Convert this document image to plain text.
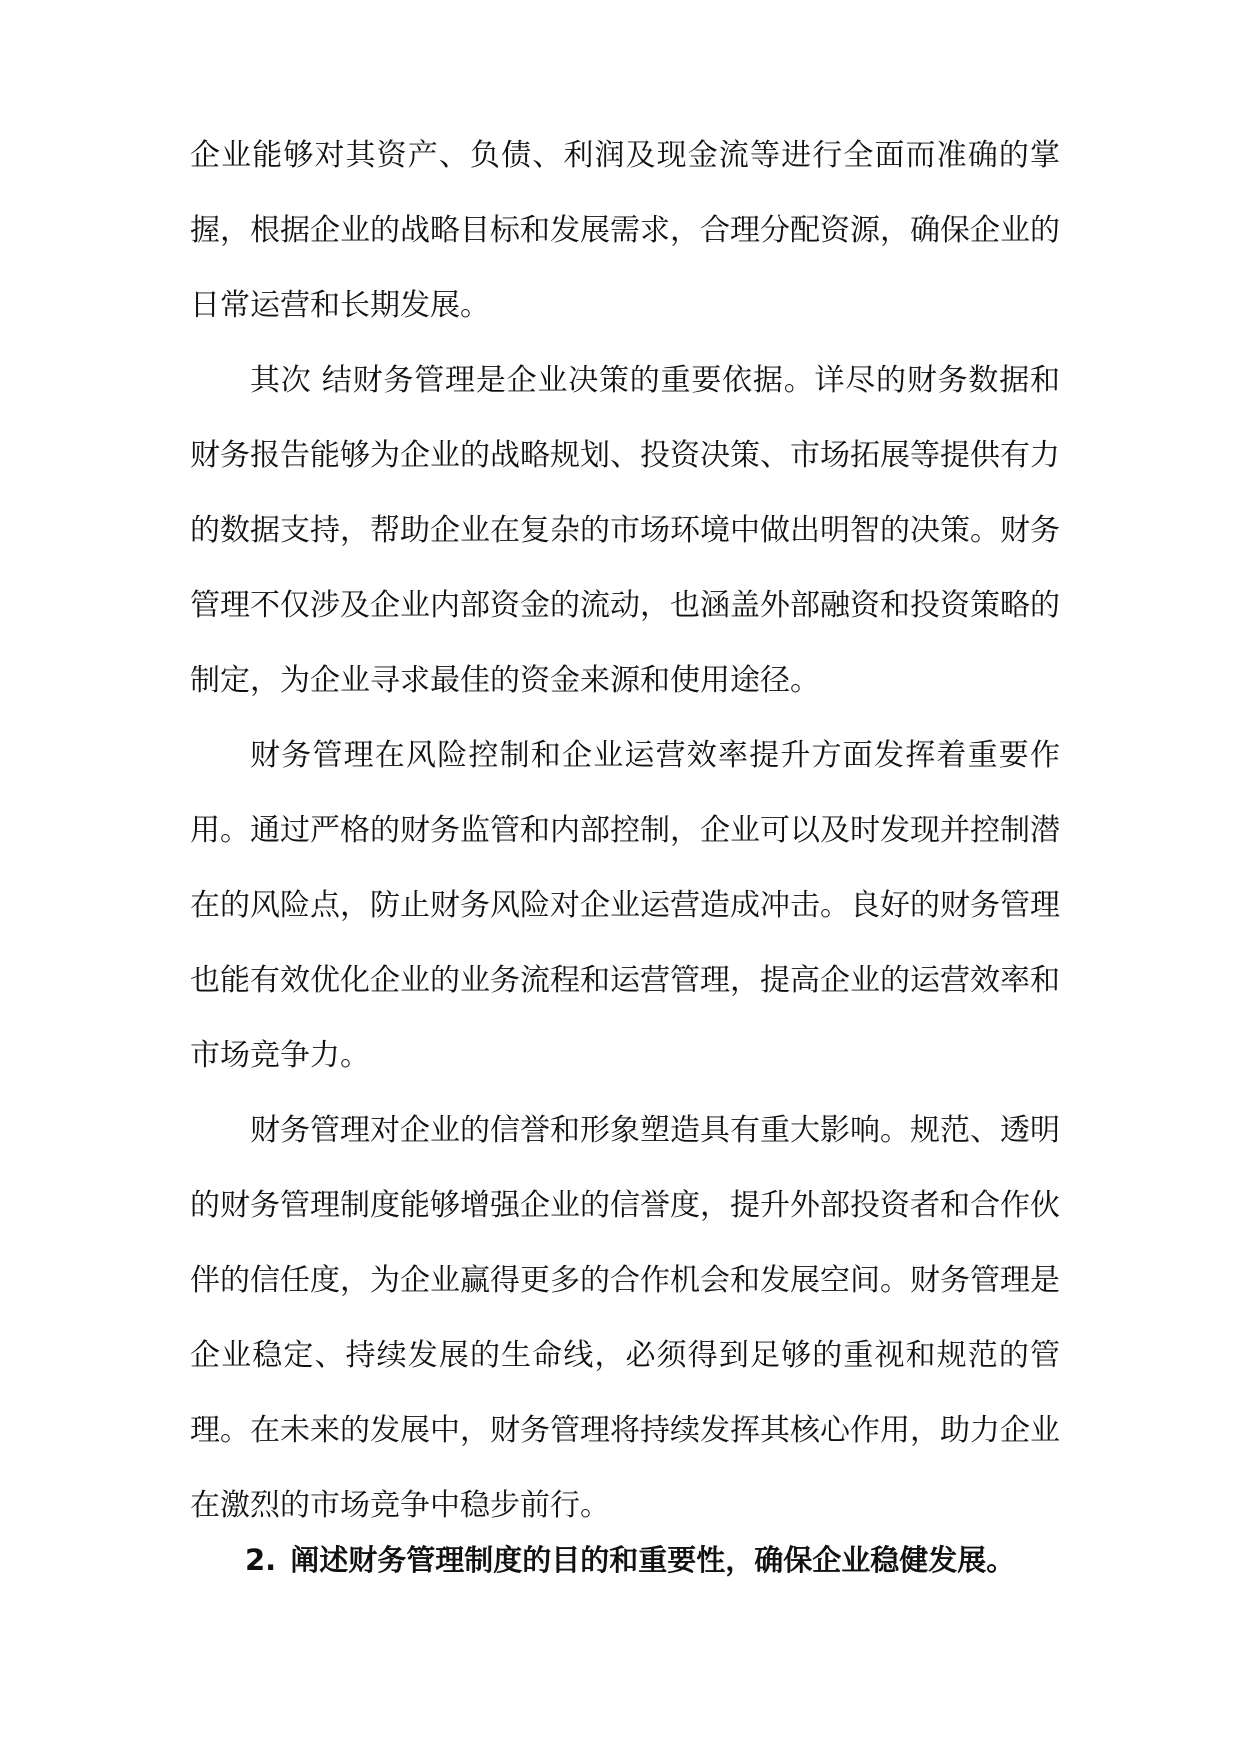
企业能够对其资产、负债、利润及现金流等进行全面而准确的掌握，根据企业的战略目标和发展需求，合理分配资源，确保企业的日常运营和长期发展。

其次 结财务管理是企业决策的重要依据。详尽的财务数据和财务报告能够为企业的战略规划、投资决策、市场拓展等提供有力的数据支持，帮助企业在复杂的市场环境中做出明智的决策。财务管理不仅涉及企业内部资金的流动，也涵盖外部融资和投资策略的制定，为企业寻求最佳的资金来源和使用途径。

财务管理在风险控制和企业运营效率提升方面发挥着重要作用。通过严格的财务监管和内部控制，企业可以及时发现并控制潜在的风险点，防止财务风险对企业运营造成冲击。良好的财务管理也能有效优化企业的业务流程和运营管理，提高企业的运营效率和市场竞争力。

财务管理对企业的信誉和形象塑造具有重大影响。规范、透明的财务管理制度能够增强企业的信誉度，提升外部投资者和合作伙伴的信任度，为企业赢得更多的合作机会和发展空间。财务管理是企业稳定、持续发展的生命线，必须得到足够的重视和规范的管理。在未来的发展中，财务管理将持续发挥其核心作用，助力企业在激烈的市场竞争中稳步前行。

2. 阐述财务管理制度的目的和重要性，确保企业稳健发展。
